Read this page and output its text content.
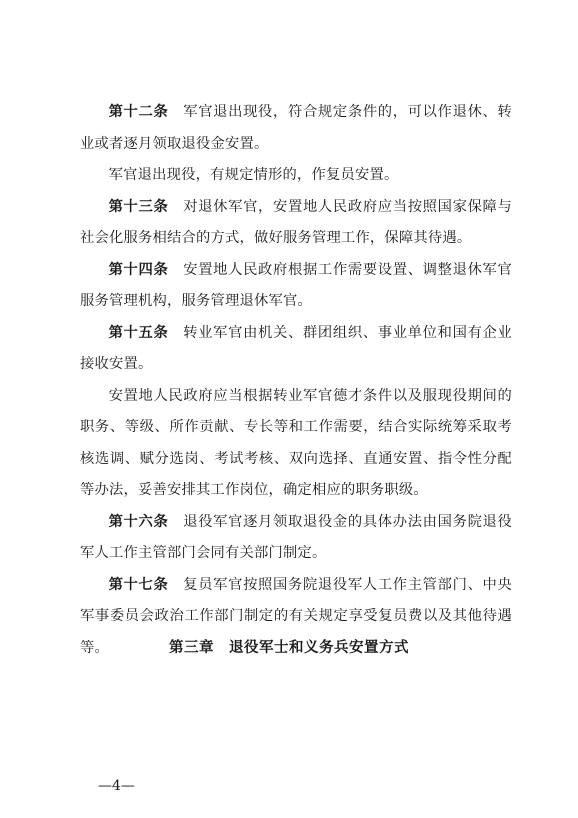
第十二条 军官退出现役，符合规定条件的，可以作退休、转业或者逐月领取退役金安置。

军官退出现役，有规定情形的，作复员安置。

第十三条 对退休军官，安置地人民政府应当按照国家保障与社会化服务相结合的方式，做好服务管理工作，保障其待遇。

第十四条 安置地人民政府根据工作需要设置、调整退休军官服务管理机构，服务管理退休军官。

第十五条 转业军官由机关、群团组织、事业单位和国有企业接收安置。

安置地人民政府应当根据转业军官德才条件以及服现役期间的职务、等级、所作贡献、专长等和工作需要，结合实际统筹采取考核选调、赋分选岗、考试考核、双向选择、直通安置、指令性分配等办法，妥善安排其工作岗位，确定相应的职务职级。

第十六条 退役军官逐月领取退役金的具体办法由国务院退役军人工作主管部门会同有关部门制定。

第十七条 复员军官按照国务院退役军人工作主管部门、中央军事委员会政治工作部门制定的有关规定享受复员费以及其他待遇等。	第三章　退役军士和义务兵安置方式
—4—
